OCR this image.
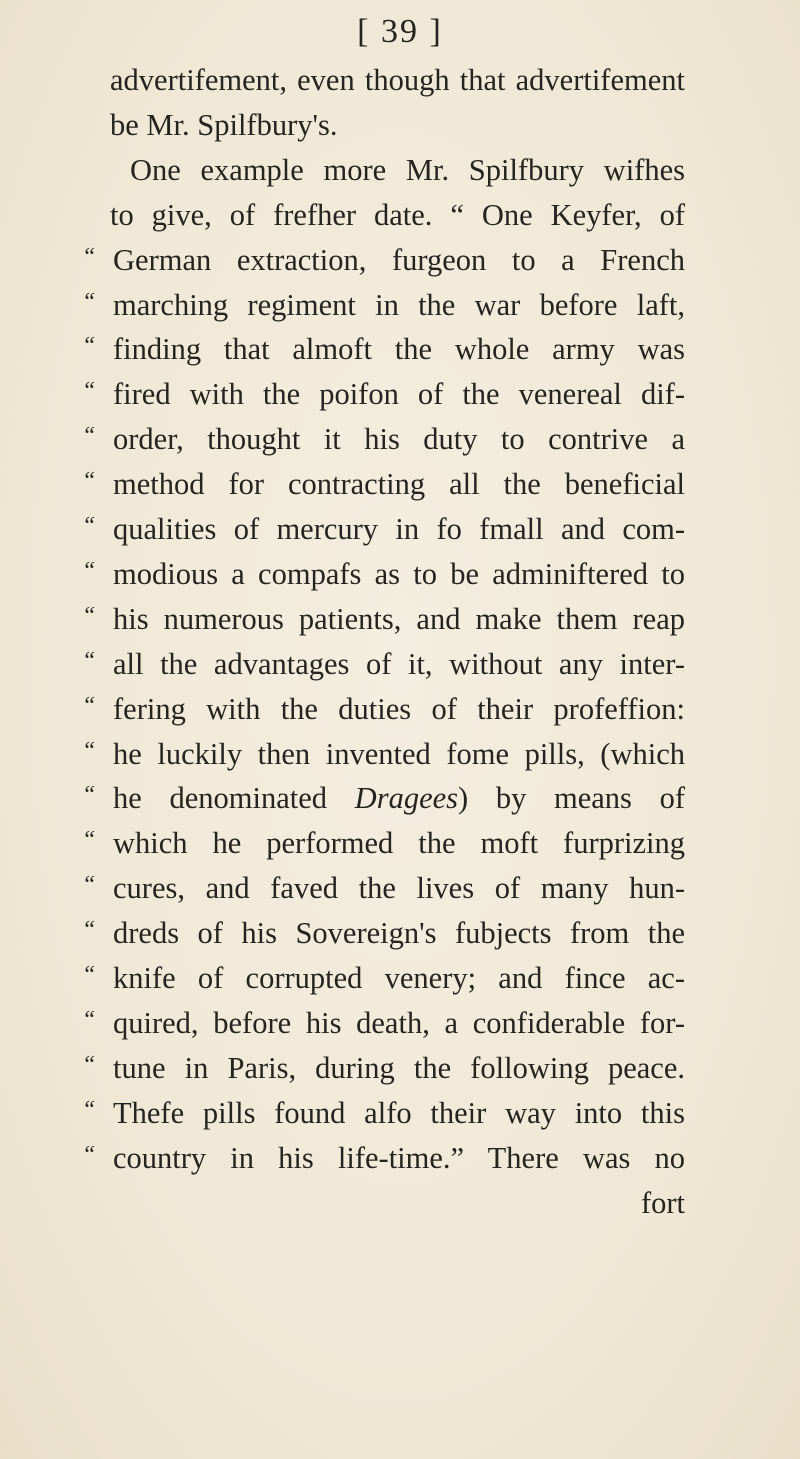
[ 39 ]
advertifement, even though that advertifement
be Mr. Spilfbury's.
One example more Mr. Spilfbury wifhes
to give, of frefher date. “ One Keyfer, of
“ German extraction, furgeon to a French
“ marching regiment in the war before laft,
“ finding that almoft the whole army was
“ fired with the poifon of the venereal dif-
“ order, thought it his duty to contrive a
“ method for contracting all the beneficial
“ qualities of mercury in fo fmall and com-
“ modious a compafs as to be adminiftered to
“ his numerous patients, and make them reap
“ all the advantages of it, without any inter-
“ fering with the duties of their profeffion:
“ he luckily then invented fome pills, (which
“ he denominated Dragees) by means of
“ which he performed the moft furprizing
“ cures, and faved the lives of many hun-
“ dreds of his Sovereign's fubjects from the
“ knife of corrupted venery; and fince ac-
“ quired, before his death, a confiderable for-
“ tune in Paris, during the following peace.
“ Thefe pills found alfo their way into this
“ country in his life-time.” There was no
fort
